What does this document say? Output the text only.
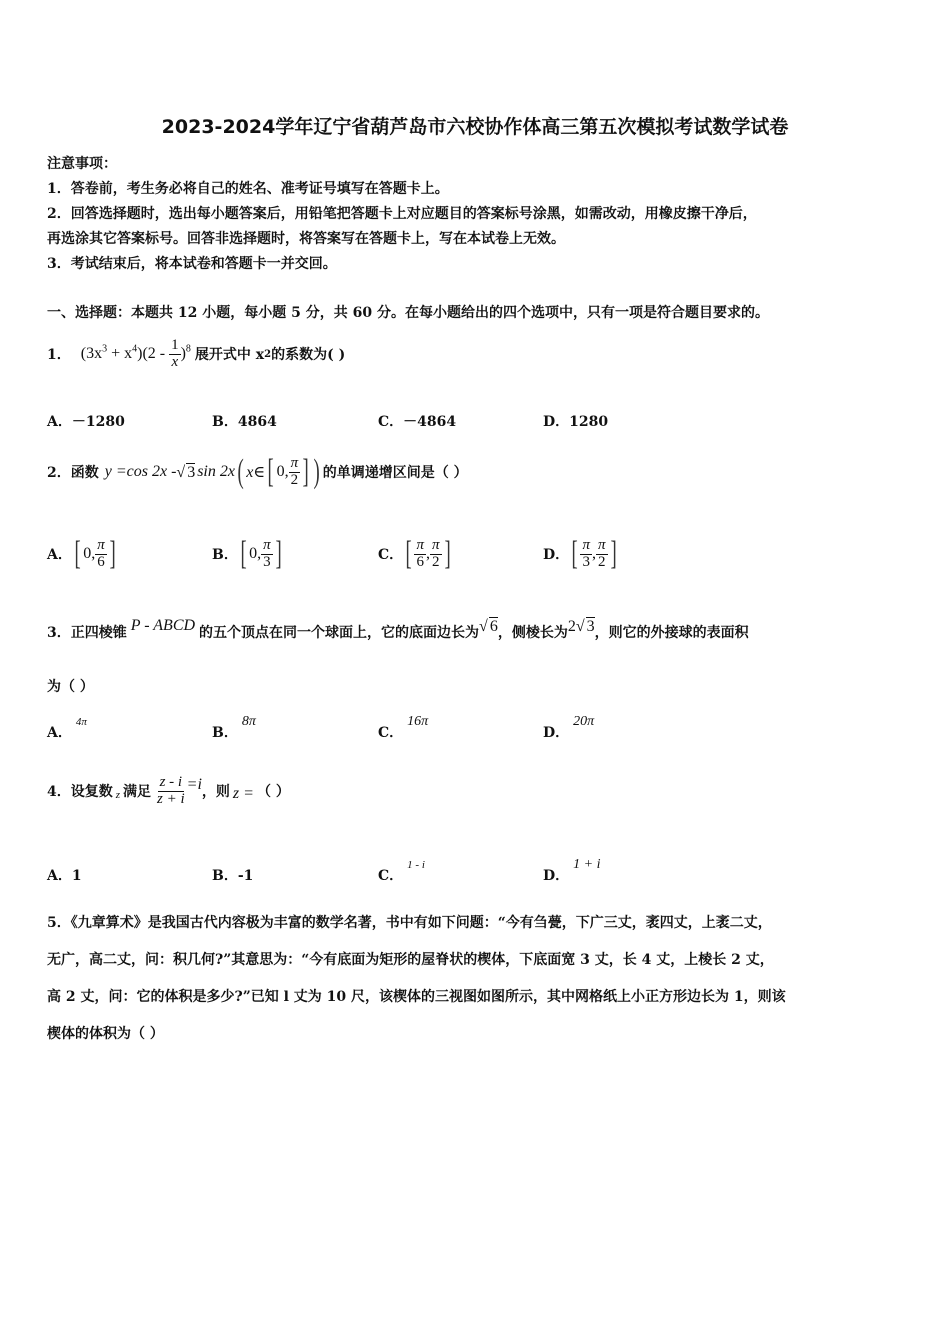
2023-2024学年辽宁省葫芦岛市六校协作体高三第五次模拟考试数学试卷
注意事项：
1．答卷前，考生务必将自己的姓名、准考证号填写在答题卡上。
2．回答选择题时，选出每小题答案后，用铅笔把答题卡上对应题目的答案标号涂黑，如需改动，用橡皮擦干净后，
再选涂其它答案标号。回答非选择题时，将答案写在答题卡上，写在本试卷上无效。
3．考试结束后，将本试卷和答题卡一并交回。
一、选择题：本题共 12 小题，每小题 5 分，共 60 分。在每小题给出的四个选项中，只有一项是符合题目要求的。
1． $(3x^3 + x^4)(2 - \frac{1}{x} )^8$ 展开式中 x 2 的系数为( )
A．－1280	B．4864	C．－4864	D．1280
2．函数 y =cos 2x - √ 3 sin 2x ( x∈ [ 0, $\frac{\pi}{2}$ ] ) 的单调递增区间是（ ）
A． [ 0, $\frac{\pi}{6}$ ]	B． [ 0, $\frac{\pi}{3}$ ]	C． [ $\frac{\pi}{6}$ , $\frac{\pi}{2}$ ]	D． [ $\frac{\pi}{3}$ , $\frac{\pi}{2}$ ]
3．正四棱锥 P - ABCD 的五个顶点在同一个球面上，它的底面边长为 √ 6 ，侧棱长为 2√ 3 ，则它的外接球的表面积
为（ ）
A．$^{4\pi}$
B．8π
C．16π
D．20π
4．设复数 z 满足 $\frac{z - i}{z + i} =i$ ，则 z = （ ）
A．1	B．-1	C．$^{1 - i}$
D．1 + i
5．《九章算术》是我国古代内容极为丰富的数学名著，书中有如下问题：“今有刍甍，下广三丈，袤四丈，上袤二丈，
无广，高二丈，问：积几何?”其意思为：“今有底面为矩形的屋脊状的楔体，下底面宽 3 丈，长 4 丈，上棱长 2 丈，
高 2 丈，问：它的体积是多少?”已知 l 丈为 10 尺，该楔体的三视图如图所示，其中网格纸上小正方形边长为 1，则该
楔体的体积为（ ）
